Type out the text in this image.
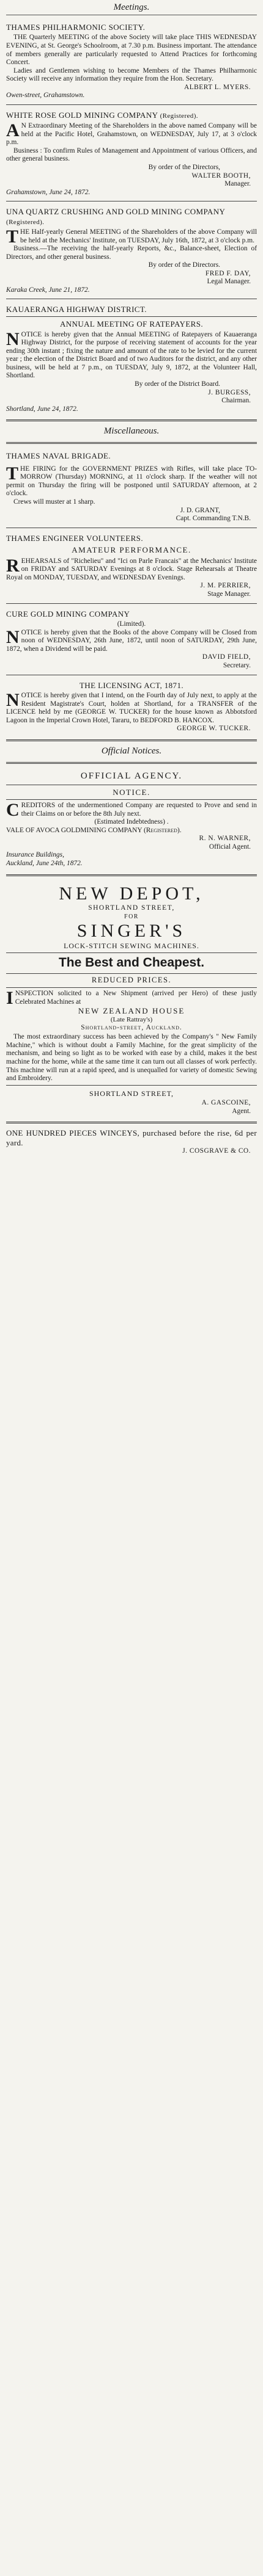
Meetings.
THAMES PHILHARMONIC SOCIETY.

THE Quarterly MEETING of the above Society will take place THIS WEDNESDAY EVENING, at St. George's Schoolroom, at 7.30 p.m. Business important. The attendance of members generally are particularly requested to Attend Practices for forthcoming Concert.

Ladies and Gentlemen wishing to become Members of the Thames Philharmonic Society will receive any information they require from the Hon. Secretary.

ALBERT L. MYERS.
Owen-street, Grahamstown.
WHITE ROSE GOLD MINING COMPANY (Registered).

A N Extraordinary Meeting of the Shareholders in the above named Company will be held at the Pacific Hotel, Grahamstown, on WEDNESDAY, July 17, at 3 o'clock p.m.

Business : To confirm Rules of Management and Appointment of various Officers, and other general business.

By order of the Directors,
WALTER BOOTH,
Manager.
Grahamstown, June 24, 1872.
UNA QUARTZ CRUSHING AND GOLD MINING COMPANY (Registered).

THE Half-yearly General MEETING of the Shareholders of the above Company will be held at the Mechanics' Institute, on TUESDAY, July 16th, 1872, at 3 o'clock p.m.

Business.—The receiving the half-yearly Reports, &c., Balance-sheet, Election of Directors, and other general business.

By order of the Directors.
FRED F. DAY,
Legal Manager.
Karaka Creek, June 21, 1872.
KAUAERANGA HIGHWAY DISTRICT.
ANNUAL MEETING OF RATEPAYERS.

NOTICE is hereby given that the Annual MEETING of Ratepayers of Kauaeranga Highway District, for the purpose of receiving statement of accounts for the year ending 30th instant ; fixing the nature and amount of the rate to be levied for the current year ; the election of the District Board and of two Auditors for the district, and any other business, will be held at 7 p.m., on TUESDAY, July 9, 1872, at the Volunteer Hall, Shortland.

By order of the District Board.
J. BURGESS,
Chairman.
Shortland, June 24, 1872.
Miscellaneous.
THAMES NAVAL BRIGADE.

THE FIRING for the GOVERNMENT PRIZES with Rifles, will take place TO-MORROW (Thursday) MORNING, at 11 o'clock sharp. If the weather will not permit on Thursday the firing will be postponed until SATURDAY afternoon, at 2 o'clock.

Crews will muster at 1 sharp.

J. D. GRANT,
Capt. Commanding T.N.B.
THAMES ENGINEER VOLUNTEERS.
AMATEUR PERFORMANCE.

REHEARSALS of "Richelieu" and "Ici on Parle Francais" at the Mechanics' Institute on FRIDAY and SATURDAY Evenings at 8 o'clock. Stage Rehearsals at Theatre Royal on MONDAY, TUESDAY, and WEDNESDAY Evenings.

J. M. PERRIER,
Stage Manager.
CURE GOLD MINING COMPANY
(Limited).

NOTICE is hereby given that the Books of the above Company will be Closed from noon of WEDNESDAY, 26th June, 1872, until noon of SATURDAY, 29th June, 1872, when a Dividend will be paid.

DAVID FIELD,
Secretary.
THE LICENSING ACT, 1871.

NOTICE is hereby given that I intend, on the Fourth day of July next, to apply at the Resident Magistrate's Court, holden at Shortland, for a TRANSFER of the LICENCE held by me (GEORGE W. TUCKER) for the house known as Abbotsford Lagoon in the Imperial Crown Hotel, Tararu, to BEDFORD B. HANCOX.

GEORGE W. TUCKER.
Official Notices.
OFFICIAL AGENCY.
NOTICE.

CREDITORS of the undermentioned Company are requested to Prove and send in their Claims on or before the 8th July next.

(Estimated Indebtedness) .

VALE OF AVOCA GOLDMINING COMPANY (Registered).

R. N. WARNER,
Official Agent.
Insurance Buildings,
Auckland, June 24th, 1872.
NEW DEPOT,
SHORTLAND STREET,
FOR
SINGER'S
LOCK-STITCH SEWING MACHINES.
The Best and Cheapest.
REDUCED PRICES.

INSPECTION solicited to a New Shipment (arrived per Hero) of these justly Celebrated Machines at

NEW ZEALAND HOUSE
(Late Rattray's)
Shortland-street, Auckland.

The most extraordinary success has been achieved by the Company's " New Family Machine," which is without doubt a Family Machine, for the great simplicity of the mechanism, and being so light as to be worked with ease by a child, makes it the best machine for the home, while at the same time it can turn out all classes of work perfectly. This machine will run at a rapid speed, and is unequalled for variety of domestic Sewing and Embroidery.

SHORTLAND STREET,
A. GASCOINE,
Agent.

ONE HUNDRED PIECES WINCEYS, purchased before the rise, 6d per yard.

J. COSGRAVE & CO.
